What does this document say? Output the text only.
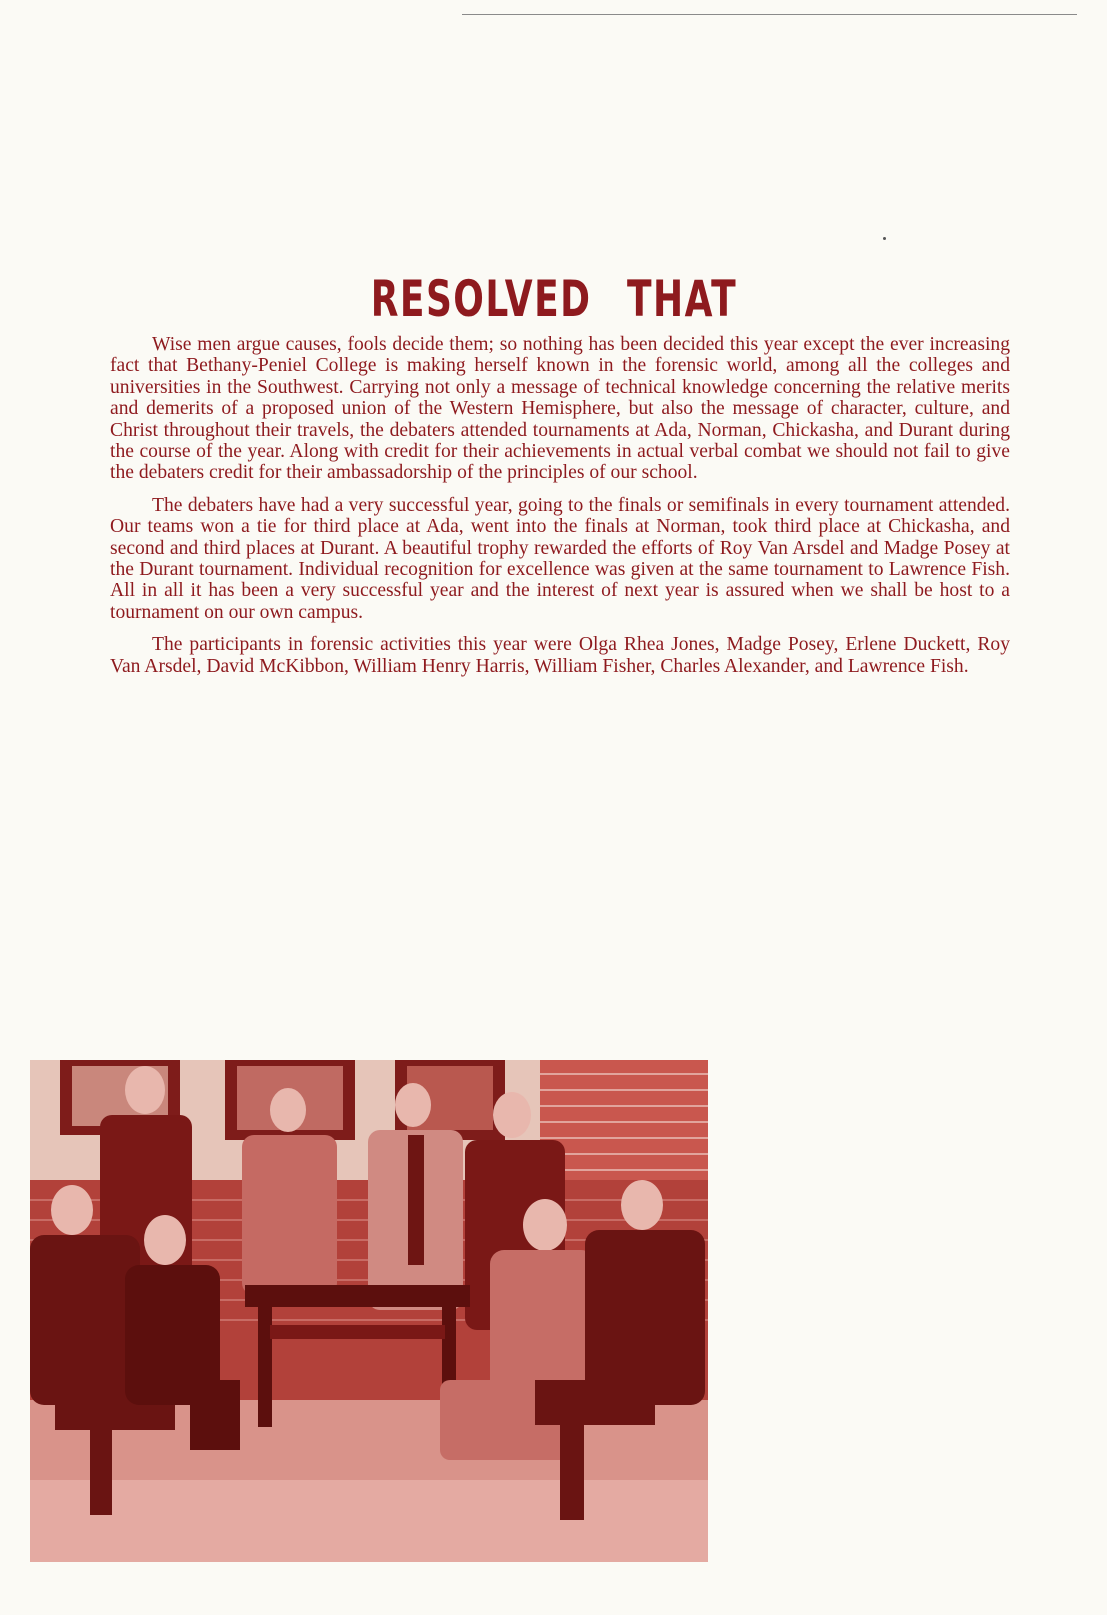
RESOLVED THAT

Wise men argue causes, fools decide them; so nothing has been decided this year except the ever increasing fact that Bethany-Peniel College is making herself known in the forensic world, among all the colleges and universities in the Southwest. Carrying not only a message of technical knowledge concerning the relative merits and demerits of a proposed union of the Western Hemisphere, but also the message of character, culture, and Christ throughout their travels, the debaters attended tournaments at Ada, Norman, Chickasha, and Durant during the course of the year. Along with credit for their achievements in actual verbal combat we should not fail to give the debaters credit for their ambassadorship of the principles of our school.

The debaters have had a very successful year, going to the finals or semifinals in every tournament attended. Our teams won a tie for third place at Ada, went into the finals at Norman, took third place at Chickasha, and second and third places at Durant. A beautiful trophy rewarded the efforts of Roy Van Arsdel and Madge Posey at the Durant tournament. Individual recognition for excellence was given at the same tournament to Lawrence Fish. All in all it has been a very successful year and the interest of next year is assured when we shall be host to a tournament on our own campus.

The participants in forensic activities this year were Olga Rhea Jones, Madge Posey, Erlene Duckett, Roy Van Arsdel, David McKibbon, William Henry Harris, William Fisher, Charles Alexander, and Lawrence Fish.
